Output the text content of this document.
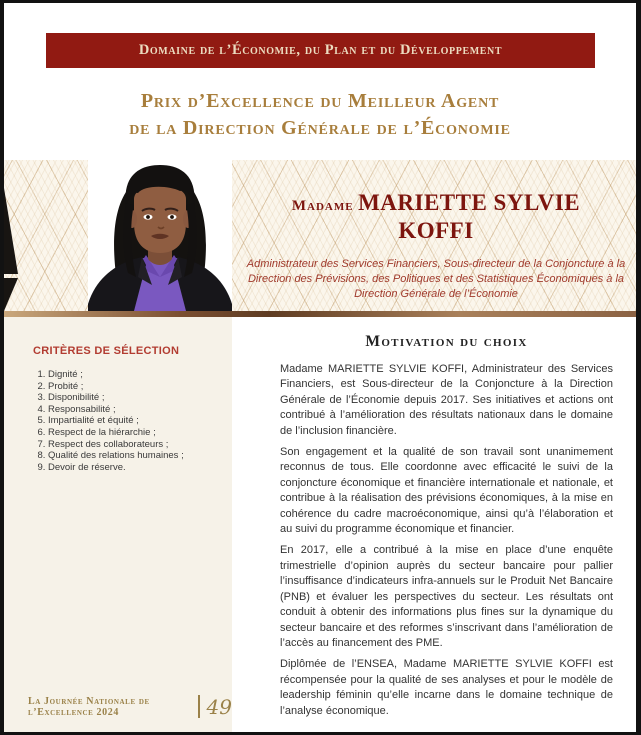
Domaine de l’Économie, du Plan et du Développement
Prix d’Excellence du Meilleur Agent
de la Direction Générale de l’Économie
Madame MARIETTE SYLVIE
KOFFI
Administrateur des Services Financiers, Sous-directeur de la Conjoncture à la Direction des Prévisions, des Politiques et des Statistiques Économiques à la Direction Générale de l’Économie
CRITÈRES DE SÉLECTION
1. Dignité ;
2. Probité ;
3. Disponibilité ;
4. Responsabilité ;
5. Impartialité et équité ;
6. Respect de la hiérarchie ;
7. Respect des collaborateurs ;
8. Qualité des relations humaines ;
9. Devoir de réserve.
La Journée Nationale de l’Excellence 2024	49
Motivation du choix

Madame MARIETTE SYLVIE KOFFI, Administrateur des Services Financiers, est Sous-directeur de la Conjoncture à la Direction Générale de l’Économie depuis 2017. Ses initiatives et actions ont contribué à l’amélioration des résultats nationaux dans le domaine de l’inclusion financière.

Son engagement et la qualité de son travail sont unanimement reconnus de tous. Elle coordonne avec efficacité le suivi de la conjoncture économique et financière internationale et nationale, et contribue à la réalisation des prévisions économiques, à la mise en cohérence du cadre macroéconomique, ainsi qu’à l’élaboration et au suivi du programme économique et financier.

En 2017, elle a contribué à la mise en place d’une enquête trimestrielle d’opinion auprès du secteur bancaire pour pallier l’insuffisance d’indicateurs infra-annuels sur le Produit Net Bancaire (PNB) et évaluer les perspectives du secteur. Les résultats ont conduit à obtenir des informations plus fines sur la dynamique du secteur bancaire et des reformes s’inscrivant dans l’amélioration de l’accès au financement des PME.

Diplômée de l’ENSEA, Madame MARIETTE SYLVIE KOFFI est récompensée pour la qualité de ses analyses et pour le modèle de leadership féminin qu’elle incarne dans le domaine technique de l’analyse économique.
